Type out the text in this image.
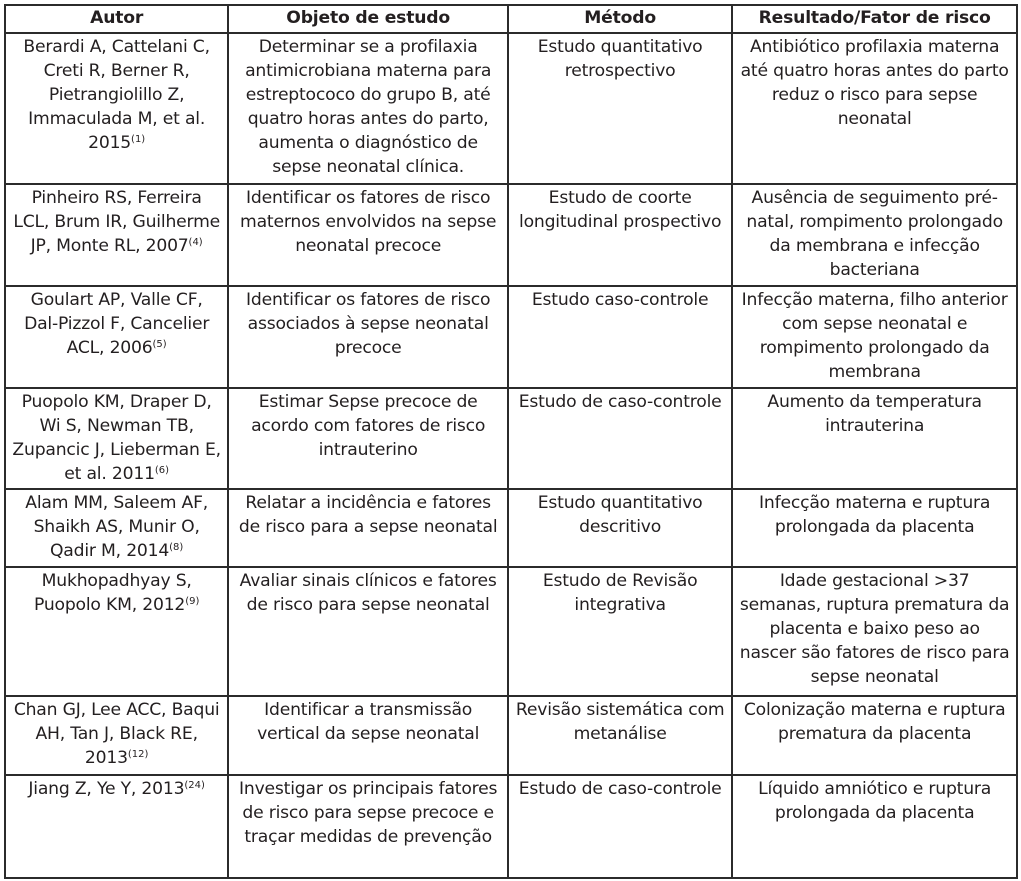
Autor	Objeto de estudo	Método	Resultado/Fator de risco
Berardi A, Cattelani C, Creti R, Berner R, Pietrangiolillo Z, Immaculada M, et al. 2015$^{(1)}$	Determinar se a profilaxia antimicrobiana materna para estreptococo do grupo B, até quatro horas antes do parto, aumenta o diagnóstico de sepse neonatal clínica.	Estudo quantitativo retrospectivo	Antibiótico profilaxia materna até quatro horas antes do parto reduz o risco para sepse neonatal
Pinheiro RS, Ferreira LCL, Brum IR, Guilherme JP, Monte RL, 2007$^{(4)}$	Identificar os fatores de risco maternos envolvidos na sepse neonatal precoce	Estudo de coorte longitudinal prospectivo	Ausência de seguimento pré-natal, rompimento prolongado da membrana e infecção bacteriana
Goulart AP, Valle CF, Dal-Pizzol F, Cancelier ACL, 2006$^{(5)}$	Identificar os fatores de risco associados à sepse neonatal precoce	Estudo caso-controle	Infecção materna, filho anterior com sepse neonatal e rompimento prolongado da membrana
Puopolo KM, Draper D, Wi S, Newman TB, Zupancic J, Lieberman E, et al. 2011$^{(6)}$	Estimar Sepse precoce de acordo com fatores de risco intrauterino	Estudo de caso-controle	Aumento da temperatura intrauterina
Alam MM, Saleem AF, Shaikh AS, Munir O, Qadir M, 2014$^{(8)}$	Relatar a incidência e fatores de risco para a sepse neonatal	Estudo quantitativo descritivo	Infecção materna e ruptura prolongada da placenta
Mukhopadhyay S, Puopolo KM, 2012$^{(9)}$	Avaliar sinais clínicos e fatores de risco para sepse neonatal	Estudo de Revisão integrativa	Idade gestacional >37 semanas, ruptura prematura da placenta e baixo peso ao nascer são fatores de risco para sepse neonatal
Chan GJ, Lee ACC, Baqui AH, Tan J, Black RE, 2013$^{(12)}$	Identificar a transmissão vertical da sepse neonatal	Revisão sistemática com metanálise	Colonização materna e ruptura prematura da placenta
Jiang Z, Ye Y, 2013$^{(24)}$	Investigar os principais fatores de risco para sepse precoce e traçar medidas de prevenção	Estudo de caso-controle	Líquido amniótico e ruptura prolongada da placenta
